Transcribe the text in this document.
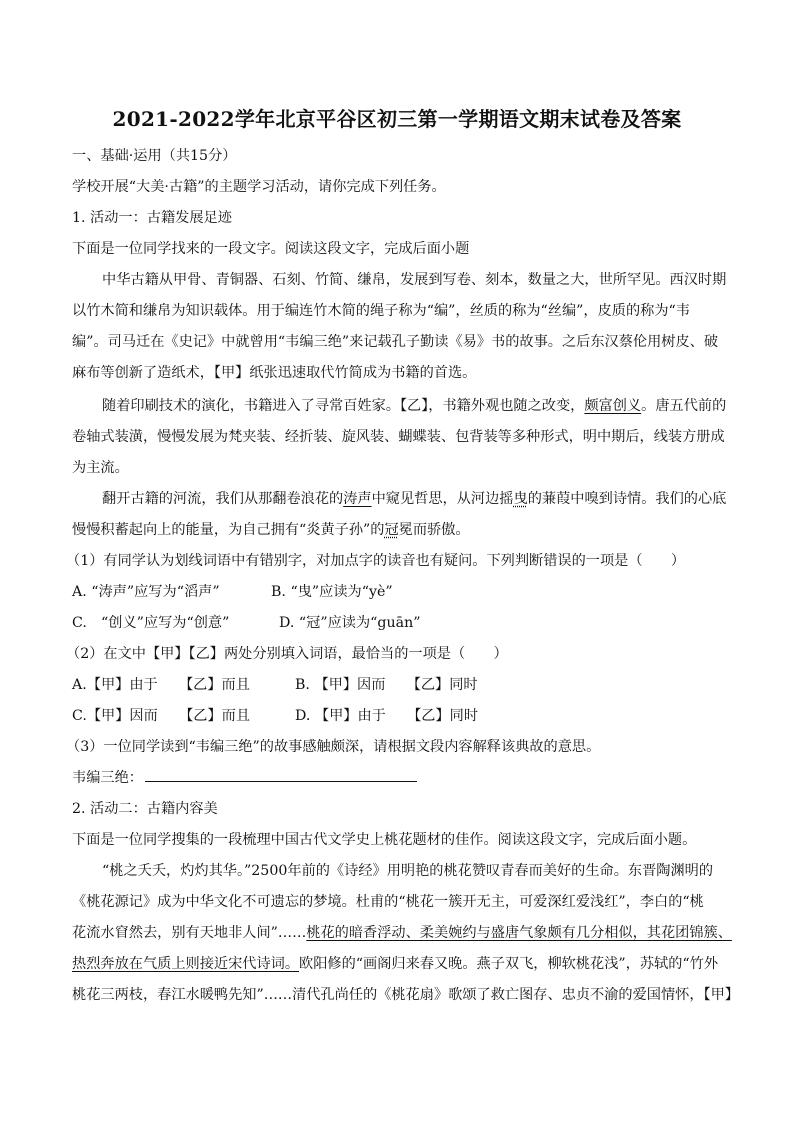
2021-2022学年北京平谷区初三第一学期语文期末试卷及答案
一、基础·运用（共15分）
学校开展“大美·古籍”的主题学习活动，请你完成下列任务。
1. 活动一：古籍发展足迹
下面是一位同学找来的一段文字。阅读这段文字，完成后面小题
中华古籍从甲骨、青铜器、石刻、竹简、缣帛，发展到写卷、刻本，数量之大，世所罕见。西汉时期
以竹木简和缣帛为知识载体。用于编连竹木简的绳子称为“编”，丝质的称为“丝编”，皮质的称为“韦
编”。司马迁在《史记》中就曾用“韦编三绝”来记载孔子勤读《易》书的故事。之后东汉蔡伦用树皮、破
麻布等创新了造纸术，【甲】纸张迅速取代竹简成为书籍的首选。
随着印刷技术的演化，书籍进入了寻常百姓家。【乙】，书籍外观也随之改变，颇富创义。唐五代前的
卷轴式装潢，慢慢发展为梵夹装、经折装、旋风装、蝴蝶装、包背装等多种形式，明中期后，线装方册成
为主流。
翻开古籍的河流，我们从那翻卷浪花的涛声中窥见哲思，从河边摇曳的蒹葭中嗅到诗情。我们的心底
慢慢积蓄起向上的能量，为自己拥有“炎黄子孙”的冠冕而骄傲。
（1）有同学认为划线词语中有错别字，对加点字的读音也有疑问。下列判断错误的一项是（　　）
A. “涛声”应写为“滔声”	B. “曳”应读为“yè”
C.　“创义”应写为“创意”	D. “冠”应读为“guān”
（2）在文中【甲】【乙】两处分别填入词语，最恰当的一项是（　　）
A.【甲】由于　　【乙】而且	B. 【甲】因而　　【乙】同时
C.【甲】因而　　【乙】而且	D. 【甲】由于　　【乙】同时
（3）一位同学读到“韦编三绝”的故事感触颇深，请根据文段内容解释该典故的意思。
韦编三绝：
2. 活动二：古籍内容美
下面是一位同学搜集的一段梳理中国古代文学史上桃花题材的佳作。阅读这段文字，完成后面小题。
“桃之夭夭，灼灼其华。”2500年前的《诗经》用明艳的桃花赞叹青春而美好的生命。东晋陶渊明的
《桃花源记》成为中华文化不可遗忘的梦境。杜甫的“桃花一簇开无主，可爱深红爱浅红”，李白的“桃
花流水窅然去，别有天地非人间”……桃花的暗香浮动、柔美婉约与盛唐气象颇有几分相似，其花团锦簇、
热烈奔放在气质上则接近宋代诗词。欧阳修的“画阁归来春又晚。燕子双飞，柳软桃花浅”，苏轼的“竹外
桃花三两枝，春江水暖鸭先知”……清代孔尚任的《桃花扇》歌颂了救亡图存、忠贞不渝的爱国情怀，【甲】
